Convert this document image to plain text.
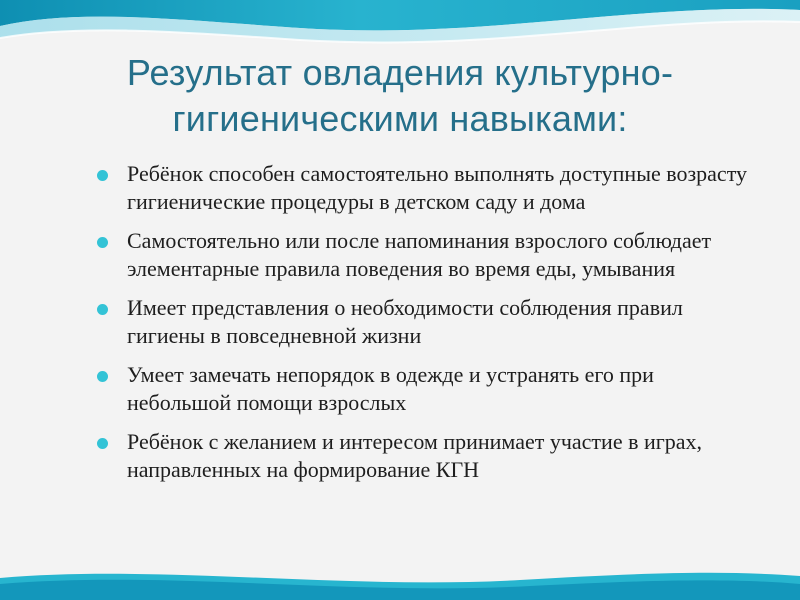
Результат овладения культурно-
гигиеническими навыками:
Ребёнок способен самостоятельно выполнять доступные возрасту гигиенические процедуры в детском саду и дома
Самостоятельно или после напоминания взрослого соблюдает элементарные правила поведения во время еды, умывания
Имеет представления о необходимости соблюдения правил гигиены в повседневной жизни
Умеет замечать непорядок в одежде и устранять его при небольшой помощи взрослых
Ребёнок с желанием и интересом принимает участие в играх, направленных на формирование КГН
